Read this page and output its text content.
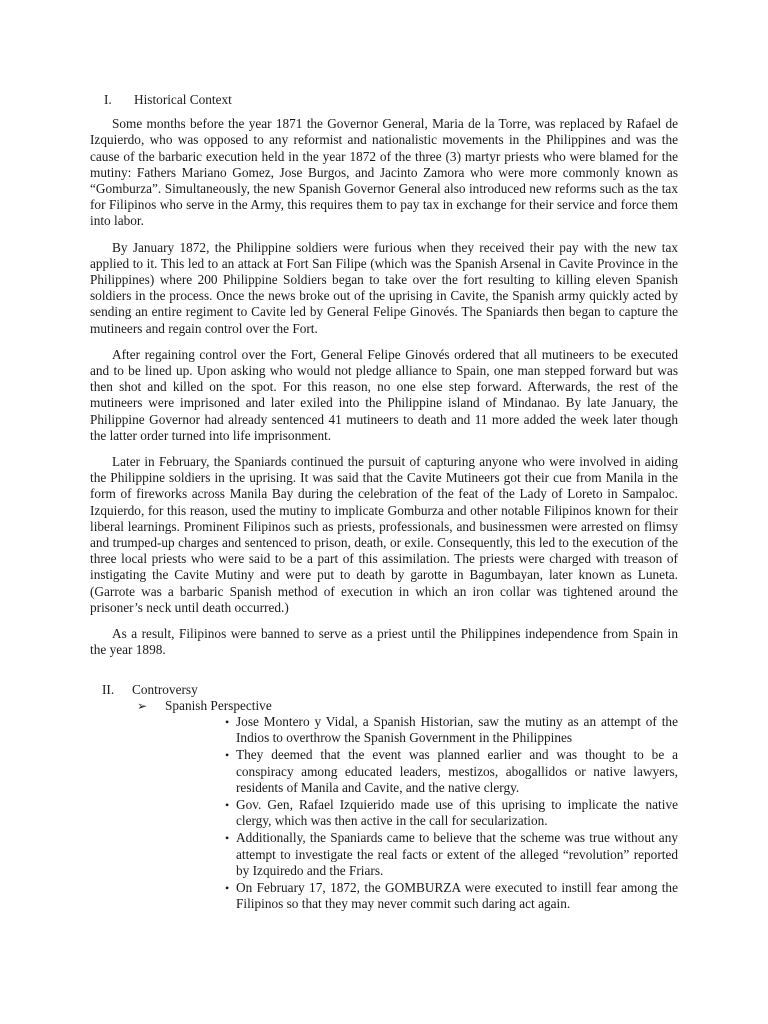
I.	Historical Context

Some months before the year 1871 the Governor General, Maria de la Torre, was replaced by Rafael de Izquierdo, who was opposed to any reformist and nationalistic movements in the Philippines and was the cause of the barbaric execution held in the year 1872 of the three (3) martyr priests who were blamed for the mutiny: Fathers Mariano Gomez, Jose Burgos, and Jacinto Zamora who were more commonly known as “Gomburza”. Simultaneously, the new Spanish Governor General also introduced new reforms such as the tax for Filipinos who serve in the Army, this requires them to pay tax in exchange for their service and force them into labor.

By January 1872, the Philippine soldiers were furious when they received their pay with the new tax applied to it. This led to an attack at Fort San Filipe (which was the Spanish Arsenal in Cavite Province in the Philippines) where 200 Philippine Soldiers began to take over the fort resulting to killing eleven Spanish soldiers in the process. Once the news broke out of the uprising in Cavite, the Spanish army quickly acted by sending an entire regiment to Cavite led by General Felipe Ginovés. The Spaniards then began to capture the mutineers and regain control over the Fort.

After regaining control over the Fort, General Felipe Ginovés ordered that all mutineers to be executed and to be lined up. Upon asking who would not pledge alliance to Spain, one man stepped forward but was then shot and killed on the spot. For this reason, no one else step forward. Afterwards, the rest of the mutineers were imprisoned and later exiled into the Philippine island of Mindanao. By late January, the Philippine Governor had already sentenced 41 mutineers to death and 11 more added the week later though the latter order turned into life imprisonment.

Later in February, the Spaniards continued the pursuit of capturing anyone who were involved in aiding the Philippine soldiers in the uprising. It was said that the Cavite Mutineers got their cue from Manila in the form of fireworks across Manila Bay during the celebration of the feat of the Lady of Loreto in Sampaloc. Izquierdo, for this reason, used the mutiny to implicate Gomburza and other notable Filipinos known for their liberal learnings. Prominent Filipinos such as priests, professionals, and businessmen were arrested on flimsy and trumped-up charges and sentenced to prison, death, or exile. Consequently, this led to the execution of the three local priests who were said to be a part of this assimilation. The priests were charged with treason of instigating the Cavite Mutiny and were put to death by garotte in Bagumbayan, later known as Luneta. (Garrote was a barbaric Spanish method of execution in which an iron collar was tightened around the prisoner’s neck until death occurred.)

As a result, Filipinos were banned to serve as a priest until the Philippines independence from Spain in the year 1898.

II.	Controversy
➢	Spanish Perspective
• Jose Montero y Vidal, a Spanish Historian, saw the mutiny as an attempt of the Indios to overthrow the Spanish Government in the Philippines
• They deemed that the event was planned earlier and was thought to be a conspiracy among educated leaders, mestizos, abogallidos or native lawyers, residents of Manila and Cavite, and the native clergy.
• Gov. Gen, Rafael Izquierido made use of this uprising to implicate the native clergy, which was then active in the call for secularization.
• Additionally, the Spaniards came to believe that the scheme was true without any attempt to investigate the real facts or extent of the alleged “revolution” reported by Izquiredo and the Friars.
• On February 17, 1872, the GOMBURZA were executed to instill fear among the Filipinos so that they may never commit such daring act again.
